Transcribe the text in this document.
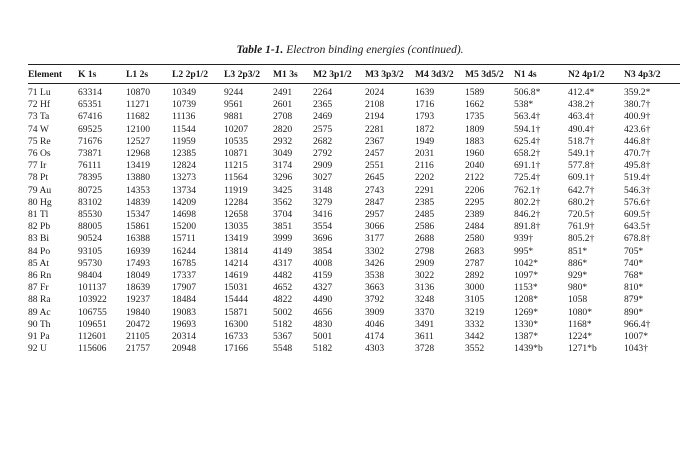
Table 1-1. Electron binding energies (continued).
Element	K 1s	L1 2s	L2 2p1/2	L3 2p3/2	M1 3s	M2 3p1/2	M3 3p3/2	M4 3d3/2	M5 3d5/2	N1 4s	N2 4p1/2	N3 4p3/2
71 Lu	63314	10870	10349	9244	2491	2264	2024	1639	1589	506.8*	412.4*	359.2*
72 Hf	65351	11271	10739	9561	2601	2365	2108	1716	1662	538*	438.2†	380.7†
73 Ta	67416	11682	11136	9881	2708	2469	2194	1793	1735	563.4†	463.4†	400.9†
74 W	69525	12100	11544	10207	2820	2575	2281	1872	1809	594.1†	490.4†	423.6†
75 Re	71676	12527	11959	10535	2932	2682	2367	1949	1883	625.4†	518.7†	446.8†
76 Os	73871	12968	12385	10871	3049	2792	2457	2031	1960	658.2†	549.1†	470.7†
77 Ir	76111	13419	12824	11215	3174	2909	2551	2116	2040	691.1†	577.8†	495.8†
78 Pt	78395	13880	13273	11564	3296	3027	2645	2202	2122	725.4†	609.1†	519.4†
79 Au	80725	14353	13734	11919	3425	3148	2743	2291	2206	762.1†	642.7†	546.3†
80 Hg	83102	14839	14209	12284	3562	3279	2847	2385	2295	802.2†	680.2†	576.6†
81 Tl	85530	15347	14698	12658	3704	3416	2957	2485	2389	846.2†	720.5†	609.5†
82 Pb	88005	15861	15200	13035	3851	3554	3066	2586	2484	891.8†	761.9†	643.5†
83 Bi	90524	16388	15711	13419	3999	3696	3177	2688	2580	939†	805.2†	678.8†
84 Po	93105	16939	16244	13814	4149	3854	3302	2798	2683	995*	851*	705*
85 At	95730	17493	16785	14214	4317	4008	3426	2909	2787	1042*	886*	740*
86 Rn	98404	18049	17337	14619	4482	4159	3538	3022	2892	1097*	929*	768*
87 Fr	101137	18639	17907	15031	4652	4327	3663	3136	3000	1153*	980*	810*
88 Ra	103922	19237	18484	15444	4822	4490	3792	3248	3105	1208*	1058	879*
89 Ac	106755	19840	19083	15871	5002	4656	3909	3370	3219	1269*	1080*	890*
90 Th	109651	20472	19693	16300	5182	4830	4046	3491	3332	1330*	1168*	966.4†
91 Pa	112601	21105	20314	16733	5367	5001	4174	3611	3442	1387*	1224*	1007*
92 U	115606	21757	20948	17166	5548	5182	4303	3728	3552	1439*b	1271*b	1043†
